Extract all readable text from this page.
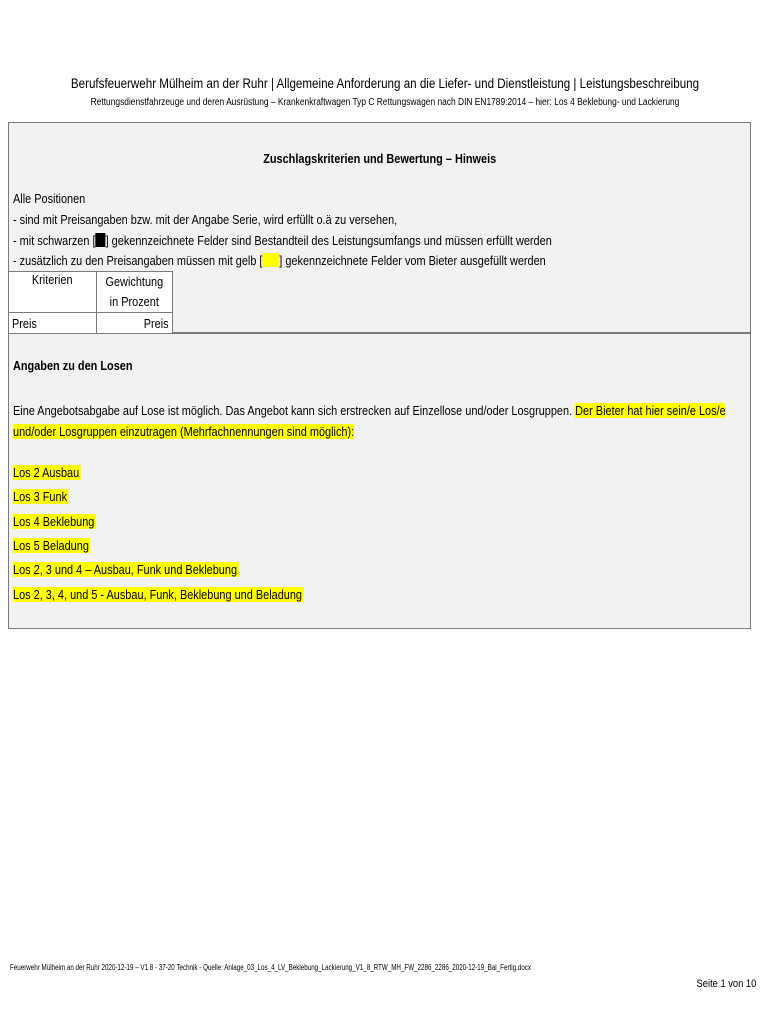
Berufsfeuerwehr Mülheim an der Ruhr | Allgemeine Anforderung an die Liefer- und Dienstleistung | Leistungsbeschreibung
Rettungsdienstfahrzeuge und deren Ausrüstung – Krankenkraftwagen Typ C Rettungswagen nach DIN EN1789:2014 – hier: Los 4 Beklebung- und Lackierung
Zuschlagskriterien und Bewertung – Hinweis
Alle Positionen
- sind mit Preisangaben bzw. mit der Angabe Serie, wird erfüllt o.ä zu versehen,
- mit schwarzen [ ] gekennzeichnete Felder sind Bestandteil des Leistungsumfangs und müssen erfüllt werden
- zusätzlich zu den Preisangaben müssen mit gelb [ ] gekennzeichnete Felder vom Bieter ausgefüllt werden
Kriterien	Gewichtung
in Prozent
Preis	Preis
Angaben zu den Losen
Eine Angebotsabgabe auf Lose ist möglich. Das Angebot kann sich erstrecken auf Einzellose und/oder Losgruppen. Der Bieter hat hier sein/e Los/e und/oder Losgruppen einzutragen (Mehrfachnennungen sind möglich):
Los 2 Ausbau
Los 3 Funk
Los 4 Beklebung
Los 5 Beladung
Los 2, 3 und 4 – Ausbau, Funk und Beklebung
Los 2, 3, 4, und 5 - Ausbau, Funk, Beklebung und Beladung
Feuerwehr Mülheim an der Ruhr 2020-12-19 – V1.8 - 37-20 Technik - Quelle: Anlage_03_Los_4_LV_Beklebung_Lackierung_V1_8_RTW_MH_FW_2286_2286_2020-12-19_Bal_Fertig.docx
Seite 1 von 10
